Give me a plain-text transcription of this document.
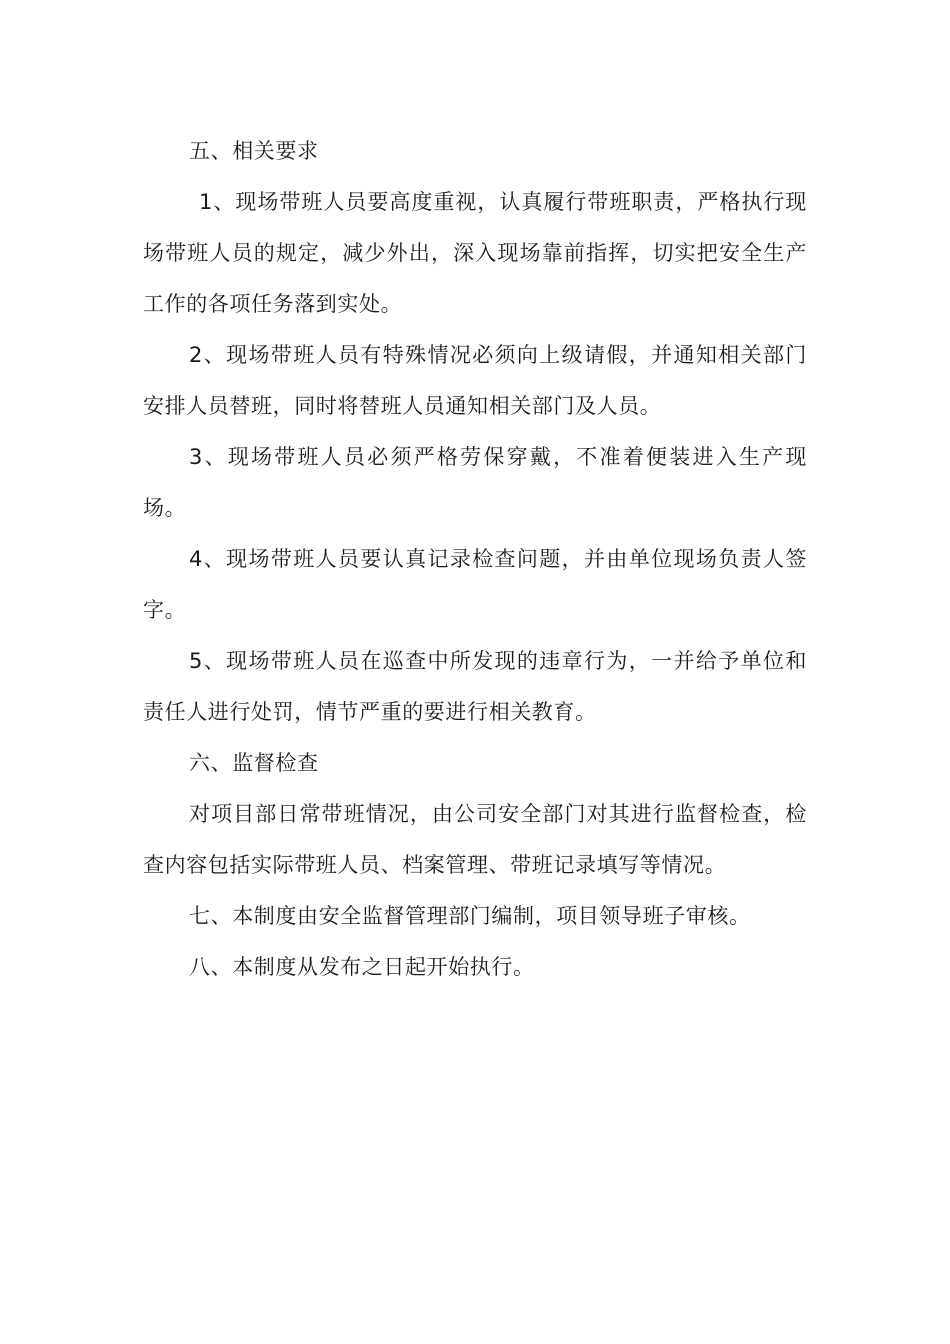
五、相关要求

1、现场带班人员要高度重视，认真履行带班职责，严格执行现场带班人员的规定，减少外出，深入现场靠前指挥，切实把安全生产工作的各项任务落到实处。

2、现场带班人员有特殊情况必须向上级请假，并通知相关部门安排人员替班，同时将替班人员通知相关部门及人员。

3、现场带班人员必须严格劳保穿戴，不准着便装进入生产现场。

4、现场带班人员要认真记录检查问题，并由单位现场负责人签字。

5、现场带班人员在巡查中所发现的违章行为，一并给予单位和责任人进行处罚，情节严重的要进行相关教育。

六、监督检查

对项目部日常带班情况，由公司安全部门对其进行监督检查，检查内容包括实际带班人员、档案管理、带班记录填写等情况。

七、本制度由安全监督管理部门编制，项目领导班子审核。

八、本制度从发布之日起开始执行。
